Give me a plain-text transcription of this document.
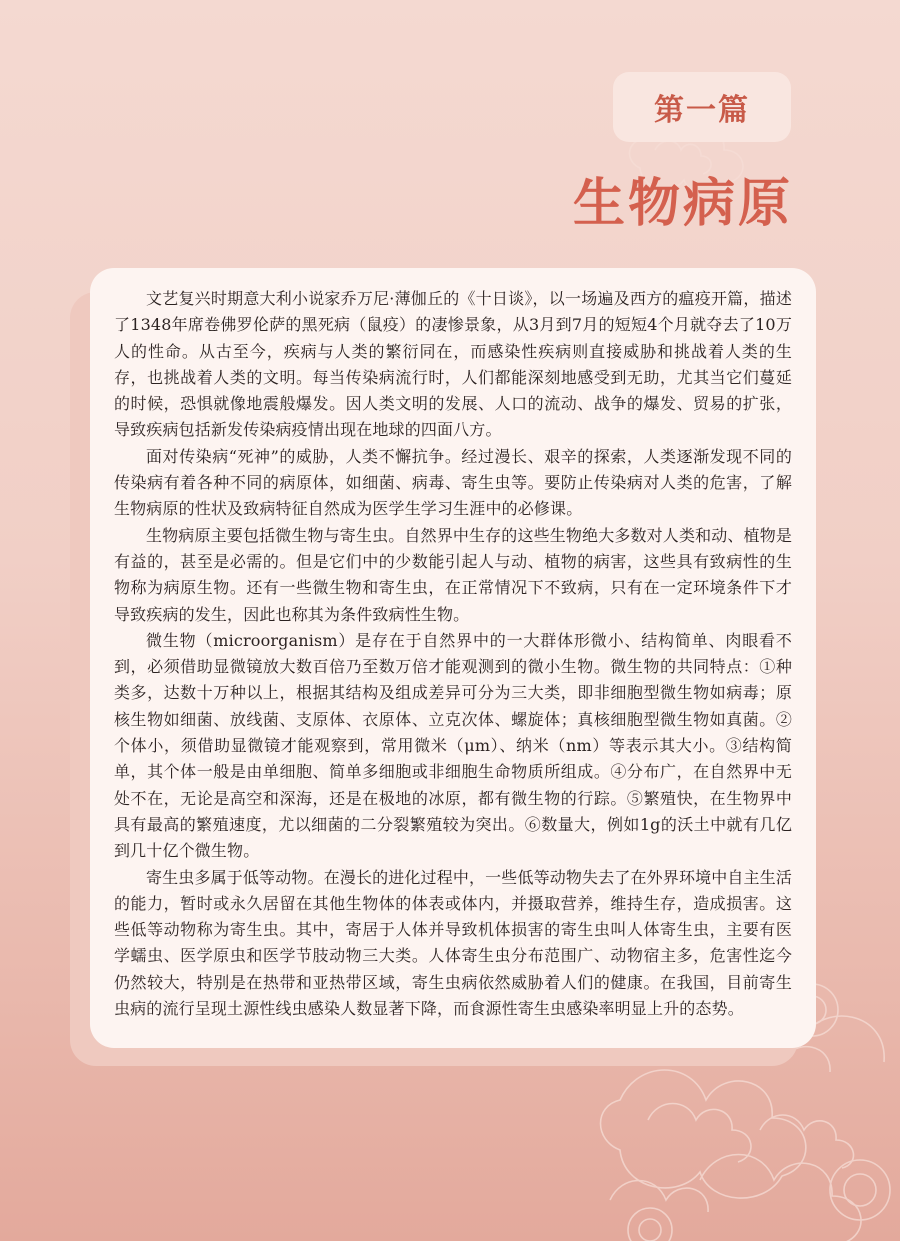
第一篇
生物病原

文艺复兴时期意大利小说家乔万尼·薄伽丘的《十日谈》，以一场遍及西方的瘟疫开篇，描述了1348年席卷佛罗伦萨的黑死病（鼠疫）的凄惨景象，从3月到7月的短短4个月就夺去了10万人的性命。从古至今，疾病与人类的繁衍同在，而感染性疾病则直接威胁和挑战着人类的生存，也挑战着人类的文明。每当传染病流行时，人们都能深刻地感受到无助，尤其当它们蔓延的时候，恐惧就像地震般爆发。因人类文明的发展、人口的流动、战争的爆发、贸易的扩张，导致疾病包括新发传染病疫情出现在地球的四面八方。

面对传染病“死神”的威胁，人类不懈抗争。经过漫长、艰辛的探索，人类逐渐发现不同的传染病有着各种不同的病原体，如细菌、病毒、寄生虫等。要防止传染病对人类的危害，了解生物病原的性状及致病特征自然成为医学生学习生涯中的必修课。

生物病原主要包括微生物与寄生虫。自然界中生存的这些生物绝大多数对人类和动、植物是有益的，甚至是必需的。但是它们中的少数能引起人与动、植物的病害，这些具有致病性的生物称为病原生物。还有一些微生物和寄生虫，在正常情况下不致病，只有在一定环境条件下才导致疾病的发生，因此也称其为条件致病性生物。

微生物（microorganism）是存在于自然界中的一大群体形微小、结构简单、肉眼看不到，必须借助显微镜放大数百倍乃至数万倍才能观测到的微小生物。微生物的共同特点：①种类多，达数十万种以上，根据其结构及组成差异可分为三大类，即非细胞型微生物如病毒；原核生物如细菌、放线菌、支原体、衣原体、立克次体、螺旋体；真核细胞型微生物如真菌。②个体小，须借助显微镜才能观察到，常用微米（μm）、纳米（nm）等表示其大小。③结构简单，其个体一般是由单细胞、简单多细胞或非细胞生命物质所组成。④分布广，在自然界中无处不在，无论是高空和深海，还是在极地的冰原，都有微生物的行踪。⑤繁殖快，在生物界中具有最高的繁殖速度，尤以细菌的二分裂繁殖较为突出。⑥数量大，例如1g的沃土中就有几亿到几十亿个微生物。

寄生虫多属于低等动物。在漫长的进化过程中，一些低等动物失去了在外界环境中自主生活的能力，暂时或永久居留在其他生物体的体表或体内，并摄取营养，维持生存，造成损害。这些低等动物称为寄生虫。其中，寄居于人体并导致机体损害的寄生虫叫人体寄生虫，主要有医学蠕虫、医学原虫和医学节肢动物三大类。人体寄生虫分布范围广、动物宿主多，危害性迄今仍然较大，特别是在热带和亚热带区域，寄生虫病依然威胁着人们的健康。在我国，目前寄生虫病的流行呈现土源性线虫感染人数显著下降，而食源性寄生虫感染率明显上升的态势。
